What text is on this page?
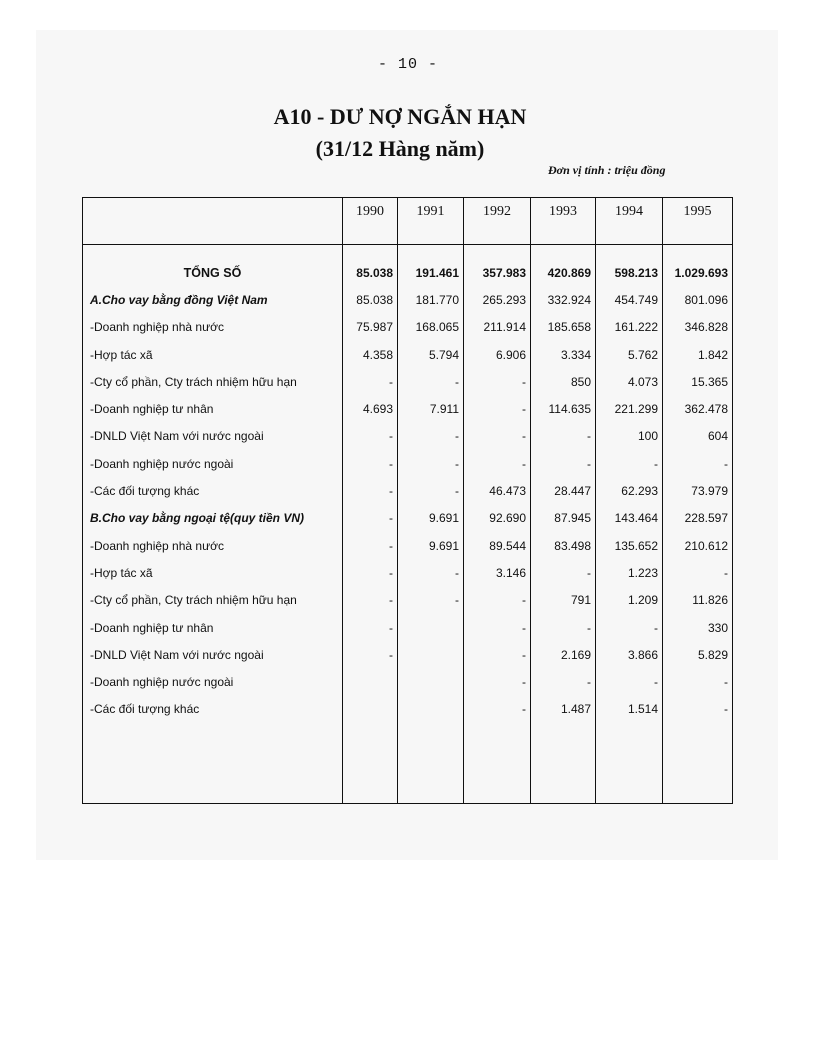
- 10 -
A10 - DƯ NỢ NGẮN HẠN
(31/12 Hàng năm)
Đơn vị tính : triệu đồng
	1990	1991	1992	1993	1994	1995

TỔNG SỐ	85.038	191.461	357.983	420.869	598.213	1.029.693
A.Cho vay bằng đồng Việt Nam	85.038	181.770	265.293	332.924	454.749	801.096
-Doanh nghiệp nhà nước	75.987	168.065	211.914	185.658	161.222	346.828
-Hợp tác xã	4.358	5.794	6.906	3.334	5.762	1.842
-Cty cổ phần, Cty trách nhiệm hữu hạn	-	-	-	850	4.073	15.365
-Doanh nghiệp tư nhân	4.693	7.911	-	114.635	221.299	362.478
-DNLD Việt Nam với nước ngoài	-	-	-	-	100	604
-Doanh nghiệp nước ngoài	-	-	-	-	-	-
-Các đối tượng khác	-	-	46.473	28.447	62.293	73.979
B.Cho vay bằng ngoại tệ(quy tiền VN)	-	9.691	92.690	87.945	143.464	228.597
-Doanh nghiệp nhà nước	-	9.691	89.544	83.498	135.652	210.612
-Hợp tác xã	-	-	3.146	-	1.223	-
-Cty cổ phần, Cty trách nhiệm hữu hạn	-	-	-	791	1.209	11.826
-Doanh nghiệp tư nhân	-		-	-	-	330
-DNLD Việt Nam với nước ngoài	-		-	2.169	3.866	5.829
-Doanh nghiệp nước ngoài			-	-	-	-
-Các đối tượng khác			-	1.487	1.514	-
